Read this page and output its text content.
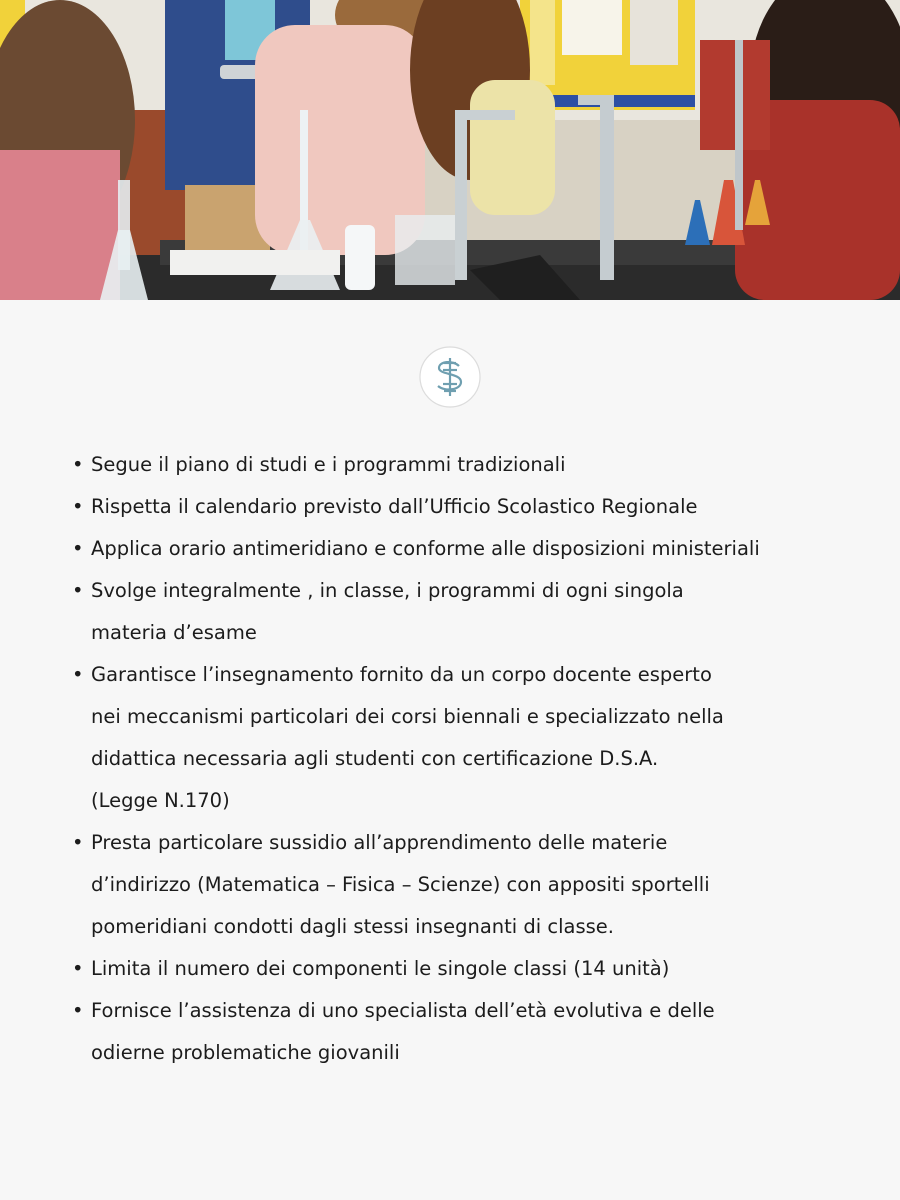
• Segue il piano di studi e i programmi tradizionali
• Rispetta il calendario previsto dall’Ufficio Scolastico Regionale
• Applica orario antimeridiano e conforme alle disposizioni ministeriali
• Svolge integralmente , in classe, i programmi di ogni singola
materia d’esame
• Garantisce l’insegnamento fornito da un corpo docente esperto
nei meccanismi particolari dei corsi biennali e specializzato nella
didattica necessaria agli studenti con certificazione D.S.A.
(Legge N.170)
• Presta particolare sussidio all’apprendimento delle materie
d’indirizzo (Matematica – Fisica – Scienze) con appositi sportelli
pomeridiani condotti dagli stessi insegnanti di classe.
• Limita il numero dei componenti le singole classi (14 unità)
• Fornisce l’assistenza di uno specialista dell’età evolutiva e delle
odierne problematiche giovanili
